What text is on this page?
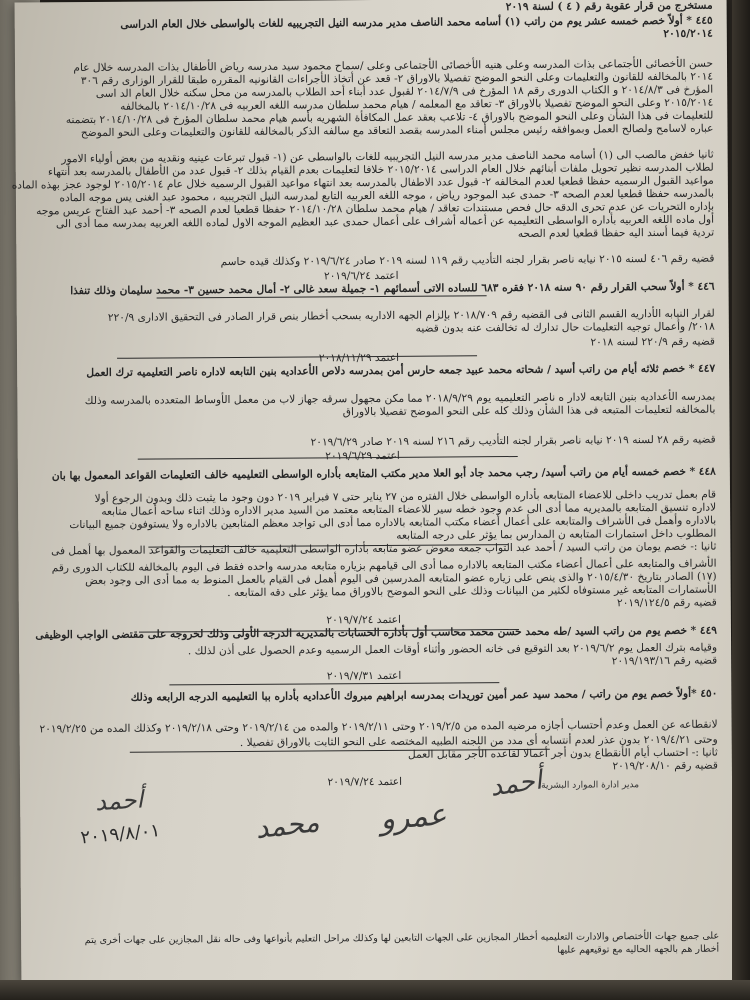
مستخرج من قرار عقوبة رقم ( ٤ ) لسنة ٢٠١٩
٤٤٥ * أولاً خصم خمسه عشر يوم من راتب (١) أسامه محمد الناصف مدير مدرسه النيل التجريبيه للغات بالواسطى خلال العام الدراسى
٢٠١٥/٢٠١٤
حسن الأخصائى الأجتماعى بذات المدرسه وعلى هنيه الأخصائى الأجتماعى وعلى /سماح محمود سيد مدرسه رياض الأطفال بذات المدرسه خلال عام
٢٠١٤ بالمخالفه للقانون والتعليمات وعلى النحو الموضح تفصيلا بالاوراق ٢- قعد عن أتخاذ الأجراءات القانونيه المقرره طبقا للقرار الوزارى رقم ٣٠٦
المؤرخ فى ٢٠١٤/٨/٣ و الكتاب الدورى رقم ١٨ المؤرخ فى ٢٠١٤/٧/٩ لقبول عدد أبناء أحد الطلاب بالمدرسه من محل سكنه خلال العام الد اسى
٢٠١٥/٢٠١٤ وعلى النحو الموضح تفصيلا بالاوراق ٣- تعاقد مع المعلمه / هيام محمد سلطان مدرسه اللغه العربيه فى ٢٠١٤/١٠/٢٨ بالمخالفه
للتعليمات فى هذا الشأن وعلى النحو الموضح بالاوراق ٤- تلاعب بعقد عمل المكافأة الشهريه بأسم هيام محمد سلطان المؤرخ فى ٢٠١٤/١٠/٢٨ بتضمنه
عباره لاسامح ولصالح العمل وبموافقه رئيس مجلس أمناء المدرسه بقصد التعاقد مع سالفه الذكر بالمخالفه للقانون والتعليمات وعلى النحو الموضح
ثانيا خفض مالصب الى (١) أسامه محمد الناصف مدير مدرسه النيل التجريبيه للغات بالواسطى عن (١- قبول تبرعات عينيه ونقديه من بعض أولياء الامور
لطلاب المدرسه نظير تحويل ملفات أبنائهم خلال العام الدراسى ٢٠١٥/٢٠١٤ خلافا لتعليمات بعدم القيام بذلك ٢- قبول عدد من الأطفال بالمدرسه بعد أنتهاء
مواعيد القبول الرسميه حفظا قطعيا لعدم المخالفه ٢- قبول عدد الاطفال بالمدرسه بعد انتهاء مواعيد القبول الرسميه خلال عام ٢٠١٥/٢٠١٤ لوجود عجز بهذه الماده
بالمدرسه حفظا قطعيا لعدم الصحه ٣- حمدى عبد الموجود رياض ، موجه اللغه العربيه التابع لمدرسه النيل التجريبيه ، محمود عبد الغنى يس موجه الماده
بإداره التحريات عن عدم تحرى الدقه حال فحص مستندات تعاقد / هيام محمد سلطان ٢٠١٤/١٠/٢٨ حفظا قطعيا لعدم الصحه ٣- أحمد عبد الفتاح عريس موجه
أول ماده اللغه العربيه بأداره الواسطى التعليميه عن أعماله أشراف على أعمال حمدى عبد العظيم الموجه الاول لماده اللغه العربيه بمدرسه مما أدى الى
تردية فيما أسند اليه حفظا قطعيا لعدم الصحه
قضيه رقم ٤٠٦ لسنه ٢٠١٥ نيابه ناصر بقرار لجنه التأديب رقم ١١٩ لسنه ٢٠١٩ صادر ٢٠١٩/٦/٢٤ وكذلك قيده حاسم
اعتمد ٢٠١٩/٦/٢٤
٤٤٦ * أولاً سحب القرار رقم ٩٠ سنه ٢٠١٨ فقره ٦٨٣ للساده الاتى أسمائهم ١- جميلة سعد غالى ٢- أمال محمد حسين ٣- محمد سليمان وذلك تنفذا
لقرار النيابه الأداريه القسم الثانى فى القضيه رقم ٢٠١٨/٧٠٩ بإلزام الجهه الاداريه بسحب أخطار بنص قرار الصادر فى التحقيق الادارى ٢٢٠/٩
٢٠١٨/ وأعمال توجيه التعليمات حال تدارك له تخالفت عنه بدون قضيه
قضيه رقم ٢٢٠/٩ لسنه ٢٠١٨
اعتمد ٢٠١٨/١١/٢٩
٤٤٧ * خصم ثلاثه أيام من راتب أسيد / شحاته محمد عبيد جمعه حارس أمن بمدرسه دلاص الأعداديه بنين التابعه لاداره ناصر التعليميه ترك العمل
بمدرسه الأعداديه بنين التابعه لادار ه ناصر التعليميه يوم ٢٠١٨/٩/٢٩ مما مكن مجهول سرقه جهاز لاب من معمل الأوساط المتعدده بالمدرسه وذلك
بالمخالفه لتعليمات المتبعه فى هذا الشأن وذلك كله على النحو الموضح تفصيلا بالاوراق
قضيه رقم ٢٨ لسنه ٢٠١٩ نيابه ناصر بقرار لجنه التأديب رقم ٢١٦ لسنه ٢٠١٩ صادر ٢٠١٩/٦/٢٩
اعتمد ٢٠١٩/٦/٢٩
٤٤٨ * خصم خمسه أيام من راتب أسيد/ رجب محمد جاد أبو العلا مدير مكتب المتابعه بأداره الواسطى التعليميه خالف التعليمات القواعد المعمول بها بان
قام بعمل تدريب داخلى للاعضاء المتابعه بأداره الواسطى خلال الفتره من ٢٧ يناير حتى ٧ فبراير ٢٠١٩ دون وجود ما يثبت ذلك وبدون الرجوع أولا
لاداره تنسيق المتابعه بالمديريه مما أدى الى عدم وجود خطه سير للاعضاء المتابعه معتمد من السيد مدير الاداره وذلك اثناء ساحه أعمال متابعه
بالاداره وأهمل فى الأشراف والمتابعه على أعمال أعضاء مكتب المتابعه بالاداره مما أدى الى تواجد معظم المتابعين بالاداره ولا يستوفون جميع البيانات
المطلوب داخل استمارات المتابعه ن المدارس بما يؤثر على درجه المتابعه
ثانيا :- خصم يومان من راتب السيد / أحمد عبد التواب جمعه معوض عضو متابعه بأداره الواسطى التعليميه خالف التعليمات والقواعد المعمول بها أهمل فى
الأشراف والمتابعه على أعمال أعضاء مكتب المتابعه بالاداره مما أدى الى قيامهم بزياره متابعه مدرسه واحده فقط فى اليوم بالمخالفه للكتاب الدورى رقم
(١٧) الصادر بتاريخ ٢٠١٥/٤/٣٠ والذى ينص على زياره عضو المتابعه المدرسين فى اليوم أهمل فى القيام بالعمل المنوط به مما أدى الى وجود بعض
الأستمارات المتابعه غير مستوفاه لكثير من البيانات وذلك على النحو الموضح بالاوراق مما يؤثر على دقه المتابعه .
قضيه رقم ٢٠١٩/١٢٤/٥
اعتمد ٢٠١٩/٧/٢٤
٤٤٩ * خصم يوم من راتب السيد /طه محمد حسن محمد محاسب أول بأداره الحسابات بالمديريه الدرجه الأولى وذلك لخروجه على مقتضى الواجب الوظيفى
وقيامه بترك العمل يوم ٢٠١٩/٦/٢ بعد التوقيع فى خانه الحضور وأثناء أوقات العمل الرسميه وعدم الحصول على أذن لذلك .
قضيه رقم ٢٠١٩/١٩٣/١٦
اعتمد ٢٠١٩/٧/٣١
٤٥٠ *أولاً خصم يوم من راتب / محمد سيد عمر أمين توريدات بمدرسه ابراهيم مبروك الأعداديه بأداره ببا التعليميه الدرجه الرابعه وذلك
لانقطاعه عن العمل وعدم أحتساب أجازه مرضيه المده من ٢٠١٩/٢/٥ وحتى ٢٠١٩/٢/١١ والمده من ٢٠١٩/٢/١٤ وحتى ٢٠١٩/٢/١٨ وكذلك المده من ٢٠١٩/٢/٢٥
وحتى ٢٠١٩/٤/٢١ بدون عذر لعدم أنتسابه أى مدد من اللجنه الطبيه المختصه على النحو الثابت بالاوراق تفصيلا .
ثانيا :- احتساب أيام الأنقطاع بدون أجر أعمالا لقاعده الأجر مقابل العمل
قضيه رقم ٢٠١٩/٢٠٨/١٠
اعتمد ٢٠١٩/٧/٢٤
على جميع جهات الأختصاص والادارت التعليميه أخطار المجازين على الجهات التابعين لها وكذلك مراحل التعليم بأنواعها وفى حاله نقل المجازين على جهات أخرى يتم
أخطار هم بالجهه الحاليه مع توقيعهم عليها
مدير ادارة الموارد البشرية
أحمد
عمرو
محمد
أحمد
٢٠١٩/٨/٠١
